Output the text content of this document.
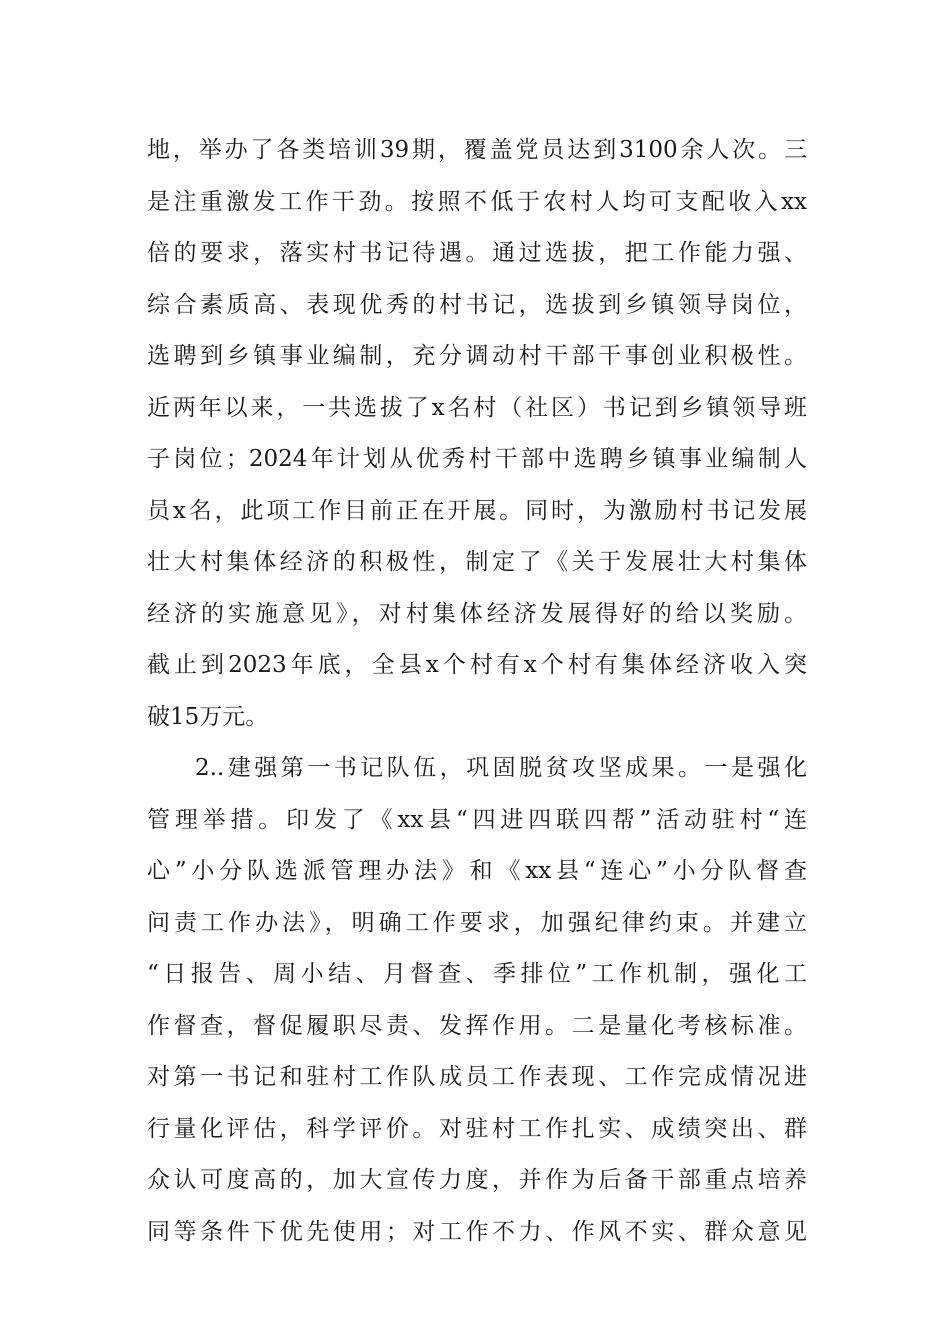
地，举办了各类培训39期，覆盖党员达到3100余人次。三
是注重激发工作干劲。按照不低于农村人均可支配收入xx
倍的要求，落实村书记待遇。通过选拔，把工作能力强、
综合素质高、表现优秀的村书记，选拔到乡镇领导岗位，
选聘到乡镇事业编制，充分调动村干部干事创业积极性。
近两年以来，一共选拔了x名村（社区）书记到乡镇领导班
子岗位；2024年计划从优秀村干部中选聘乡镇事业编制人
员x名，此项工作目前正在开展。同时，为激励村书记发展
壮大村集体经济的积极性，制定了《关于发展壮大村集体
经济的实施意见》，对村集体经济发展得好的给以奖励。
截止到2023年底，全县x个村有x个村有集体经济收入突
破15万元。
2..建强第一书记队伍，巩固脱贫攻坚成果。一是强化
管理举措。印发了《xx县“四进四联四帮”活动驻村“连
心”小分队选派管理办法》和《xx县“连心”小分队督查
问责工作办法》，明确工作要求，加强纪律约束。并建立
“日报告、周小结、月督查、季排位”工作机制，强化工
作督查，督促履职尽责、发挥作用。二是量化考核标准。
对第一书记和驻村工作队成员工作表现、工作完成情况进
行量化评估，科学评价。对驻村工作扎实、成绩突出、群
众认可度高的，加大宣传力度，并作为后备干部重点培养
同等条件下优先使用；对工作不力、作风不实、群众意见
